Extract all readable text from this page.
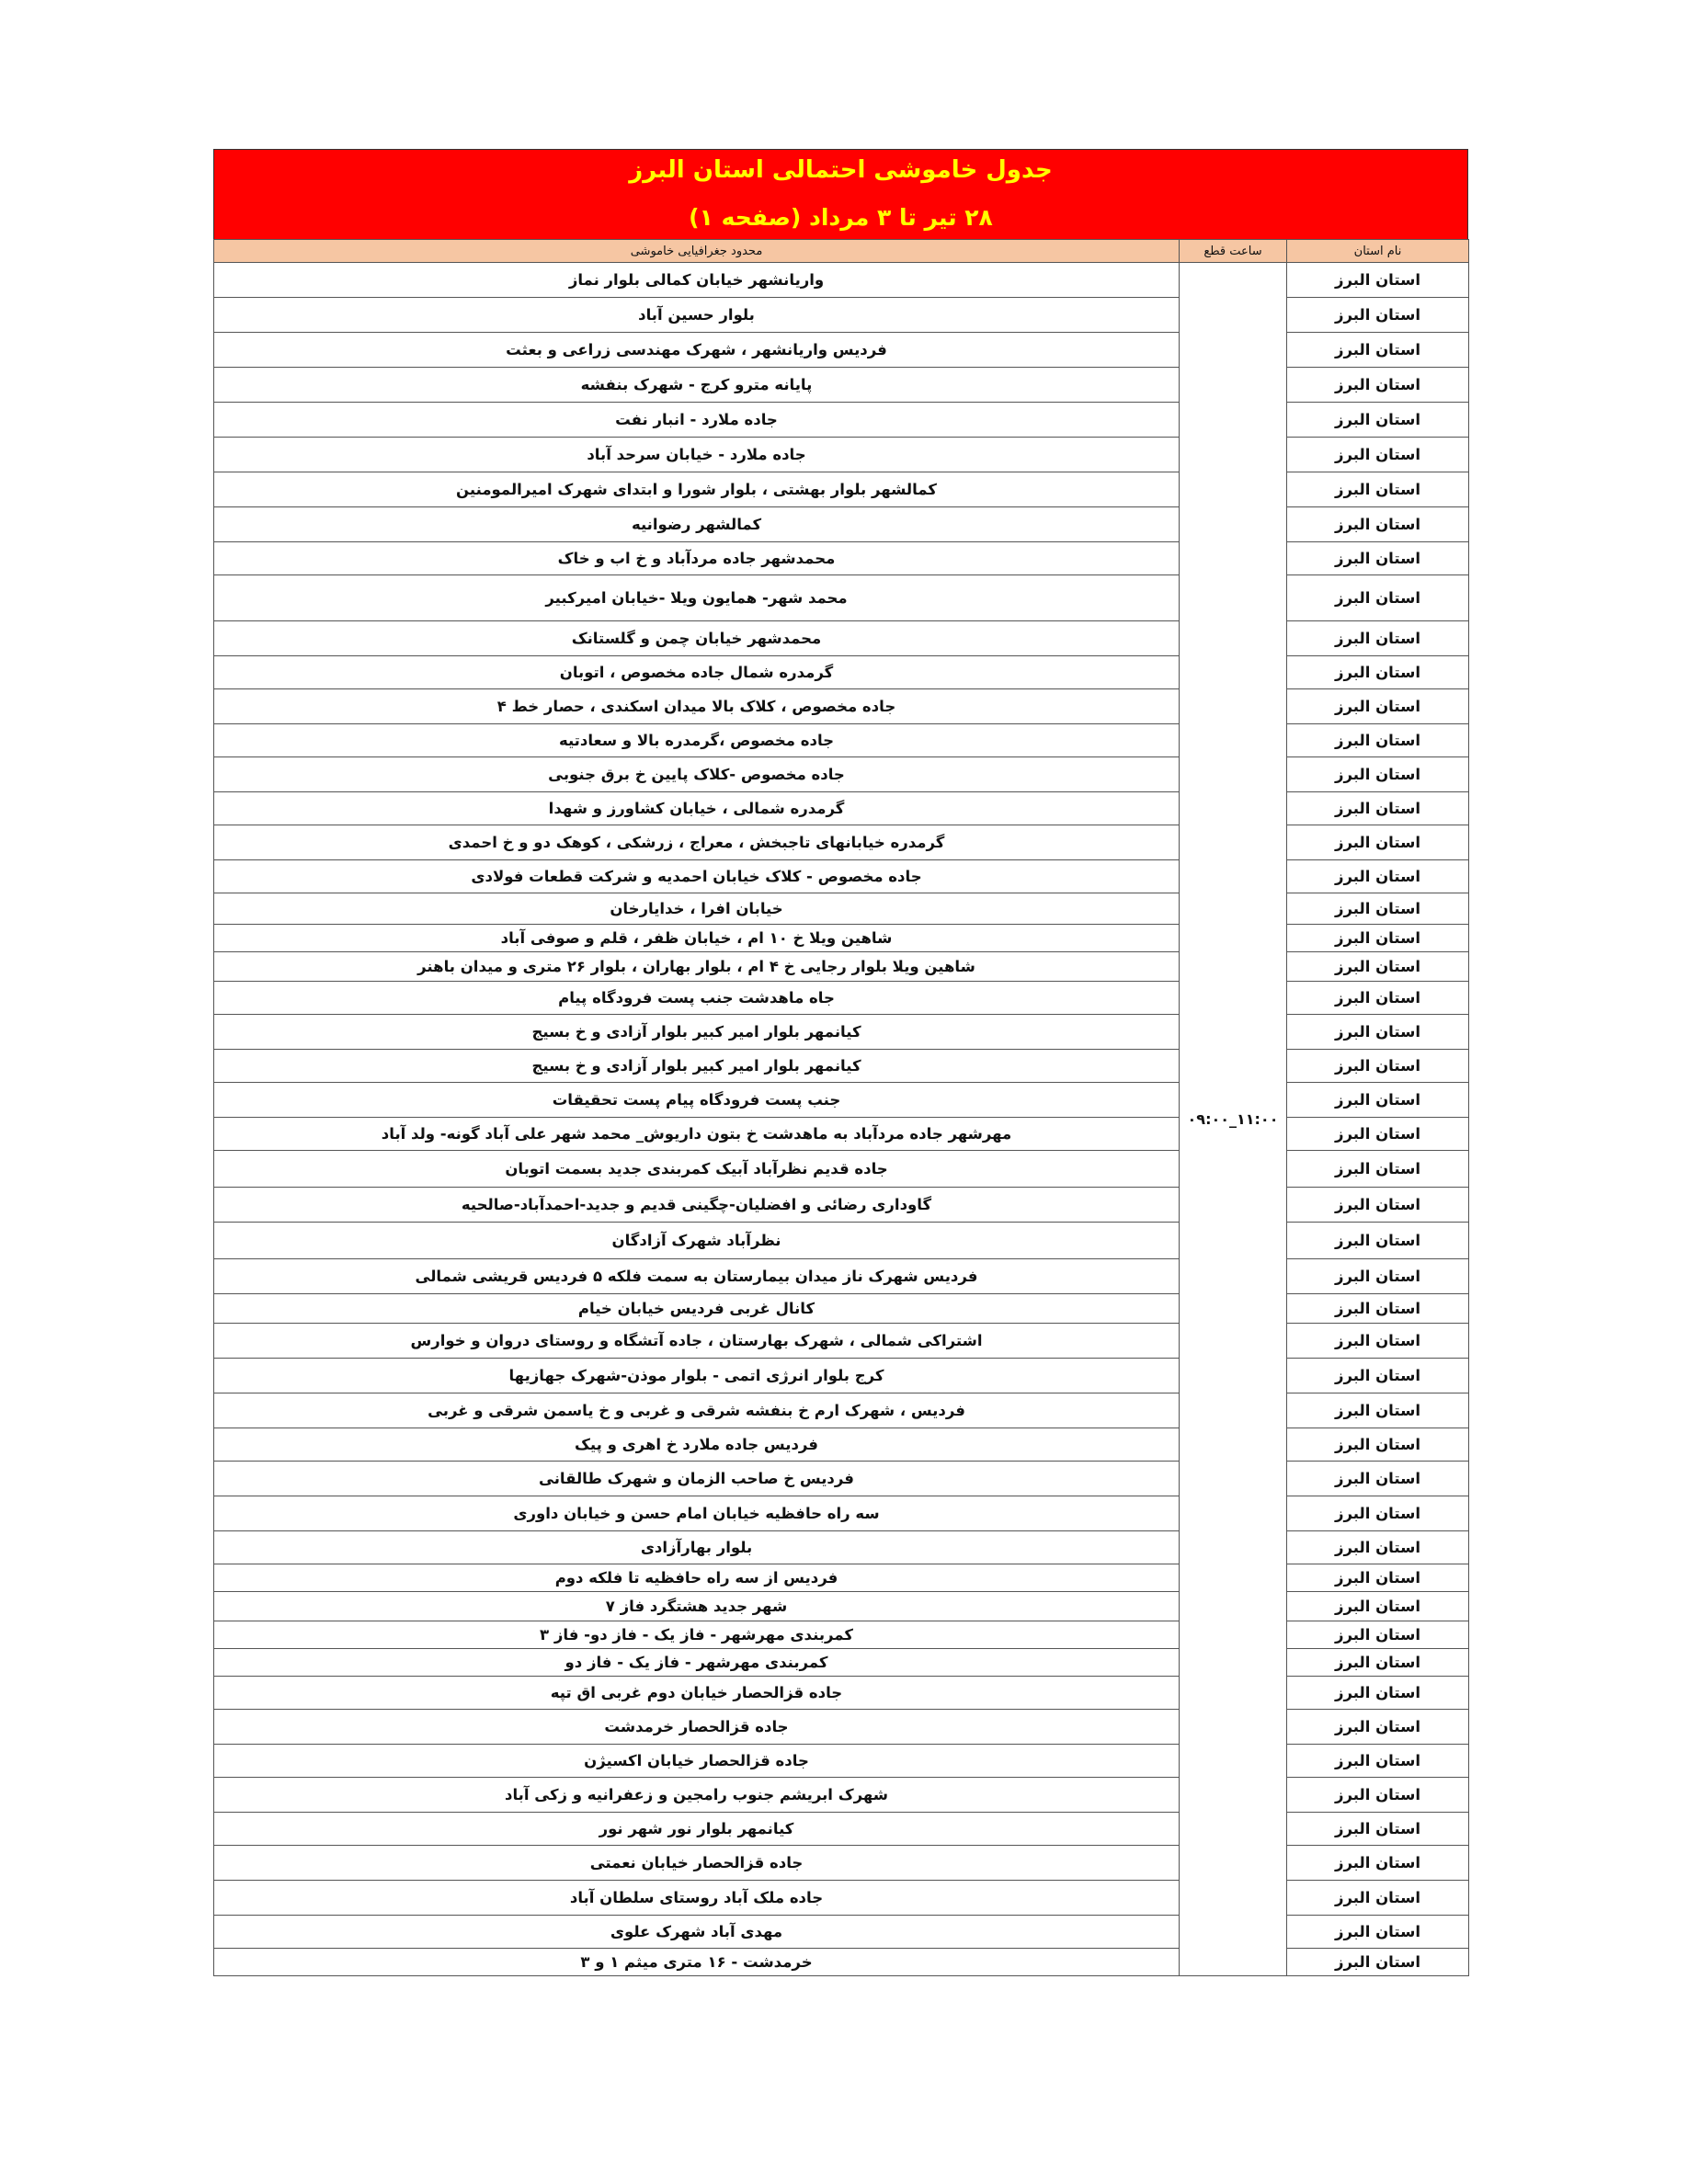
جدول خاموشی احتمالی استان البرز
۲۸ تیر تا ۳ مرداد (صفحه ۱)
نام استان	ساعت قطع	محدود جغرافیایی خاموشی
استان البرز	۰۹:۰۰_۱۱:۰۰	واریانشهر خیابان کمالی بلوار نماز
استان البرز		بلوار حسین آباد
استان البرز		فردیس واریانشهر ، شهرک مهندسی زراعی و بعثت
استان البرز		پایانه مترو کرج - شهرک بنفشه
استان البرز		جاده ملارد - انبار نفت
استان البرز		جاده ملارد - خیابان سرحد آباد
استان البرز		کمالشهر بلوار بهشتی ، بلوار شورا و ابتدای شهرک امیرالمومنین
استان البرز		کمالشهر رضوانیه
استان البرز		محمدشهر جاده مردآباد و خ اب و خاک
استان البرز		محمد شهر- همایون ویلا -خیابان امیرکبیر
استان البرز		محمدشهر خیابان چمن و گلستانک
استان البرز		گرمدره شمال جاده مخصوص ، اتوبان
استان البرز		جاده مخصوص ، کلاک بالا میدان اسکندی ، حصار خط ۴
استان البرز		جاده مخصوص ،گرمدره بالا و سعادتیه
استان البرز		جاده مخصوص -کلاک پایین خ برق جنوبی
استان البرز		گرمدره شمالی ، خیابان کشاورز و شهدا
استان البرز		گرمدره خیابانهای تاجبخش ، معراج ، زرشکی ، کوهک دو و خ احمدی
استان البرز		جاده مخصوص - کلاک خیابان احمدیه و شرکت قطعات فولادی
استان البرز		خیابان افرا ، خدایارخان
استان البرز		شاهین ویلا خ ۱۰ ام ، خیابان ظفر ، قلم و صوفی آباد
استان البرز		شاهین ویلا بلوار رجایی خ ۴ ام ، بلوار بهاران ، بلوار ۲۶ متری و میدان باهنر
استان البرز		جاه ماهدشت جنب پست فرودگاه پیام
استان البرز		کیانمهر بلوار امیر کبیر بلوار آزادی و خ بسیج
استان البرز		کیانمهر بلوار امیر کبیر بلوار آزادی و خ بسیج
استان البرز		جنب پست فرودگاه پیام پست تحقیقات
استان البرز		مهرشهر جاده مردآباد به ماهدشت خ بتون داریوش_ محمد شهر علی آباد گونه- ولد آباد
استان البرز		جاده قدیم نظرآباد آبیک کمربندی جدید بسمت اتوبان
استان البرز		گاوداری رضائی و افضلیان-چگینی قدیم و جدید-احمدآباد-صالحیه
استان البرز		نظرآباد شهرک آزادگان
استان البرز		فردیس شهرک ناز میدان بیمارستان به سمت فلکه ۵ فردیس قریشی شمالی
استان البرز		کانال غربی فردیس خیابان خیام
استان البرز		اشتراکی شمالی ، شهرک بهارستان ، جاده آتشگاه و روستای دروان و خوارس
استان البرز		کرج بلوار انرژی اتمی - بلوار موذن-شهرک جهازیها
استان البرز		فردیس ، شهرک ارم خ بنفشه شرقی و غربی و خ یاسمن شرقی و غربی
استان البرز		فردیس جاده ملارد خ اهری و پیک
استان البرز		فردیس خ صاحب الزمان و شهرک طالقانی
استان البرز		سه راه حافظیه خیابان امام حسن و خیابان داوری
استان البرز		بلوار بهارآزادی
استان البرز		فردیس از سه راه حافظیه تا فلکه دوم
استان البرز		شهر جدید هشتگرد فاز ۷
استان البرز		کمربندی مهرشهر - فاز یک - فاز دو- فاز ۳
استان البرز		کمربندی مهرشهر - فاز یک - فاز دو
استان البرز		جاده قزالحصار خیابان دوم غربی اق تپه
استان البرز		جاده قزالحصار خرمدشت
استان البرز		جاده قزالحصار خیابان اکسیژن
استان البرز		شهرک ابریشم جنوب رامجین و زعفرانیه و زکی آباد
استان البرز		کیانمهر بلوار نور شهر نور
استان البرز		جاده قزالحصار خیابان نعمتی
استان البرز		جاده ملک آباد روستای سلطان آباد
استان البرز		مهدی آباد شهرک علوی
استان البرز		خرمدشت - ۱۶ متری میثم ۱ و ۳
